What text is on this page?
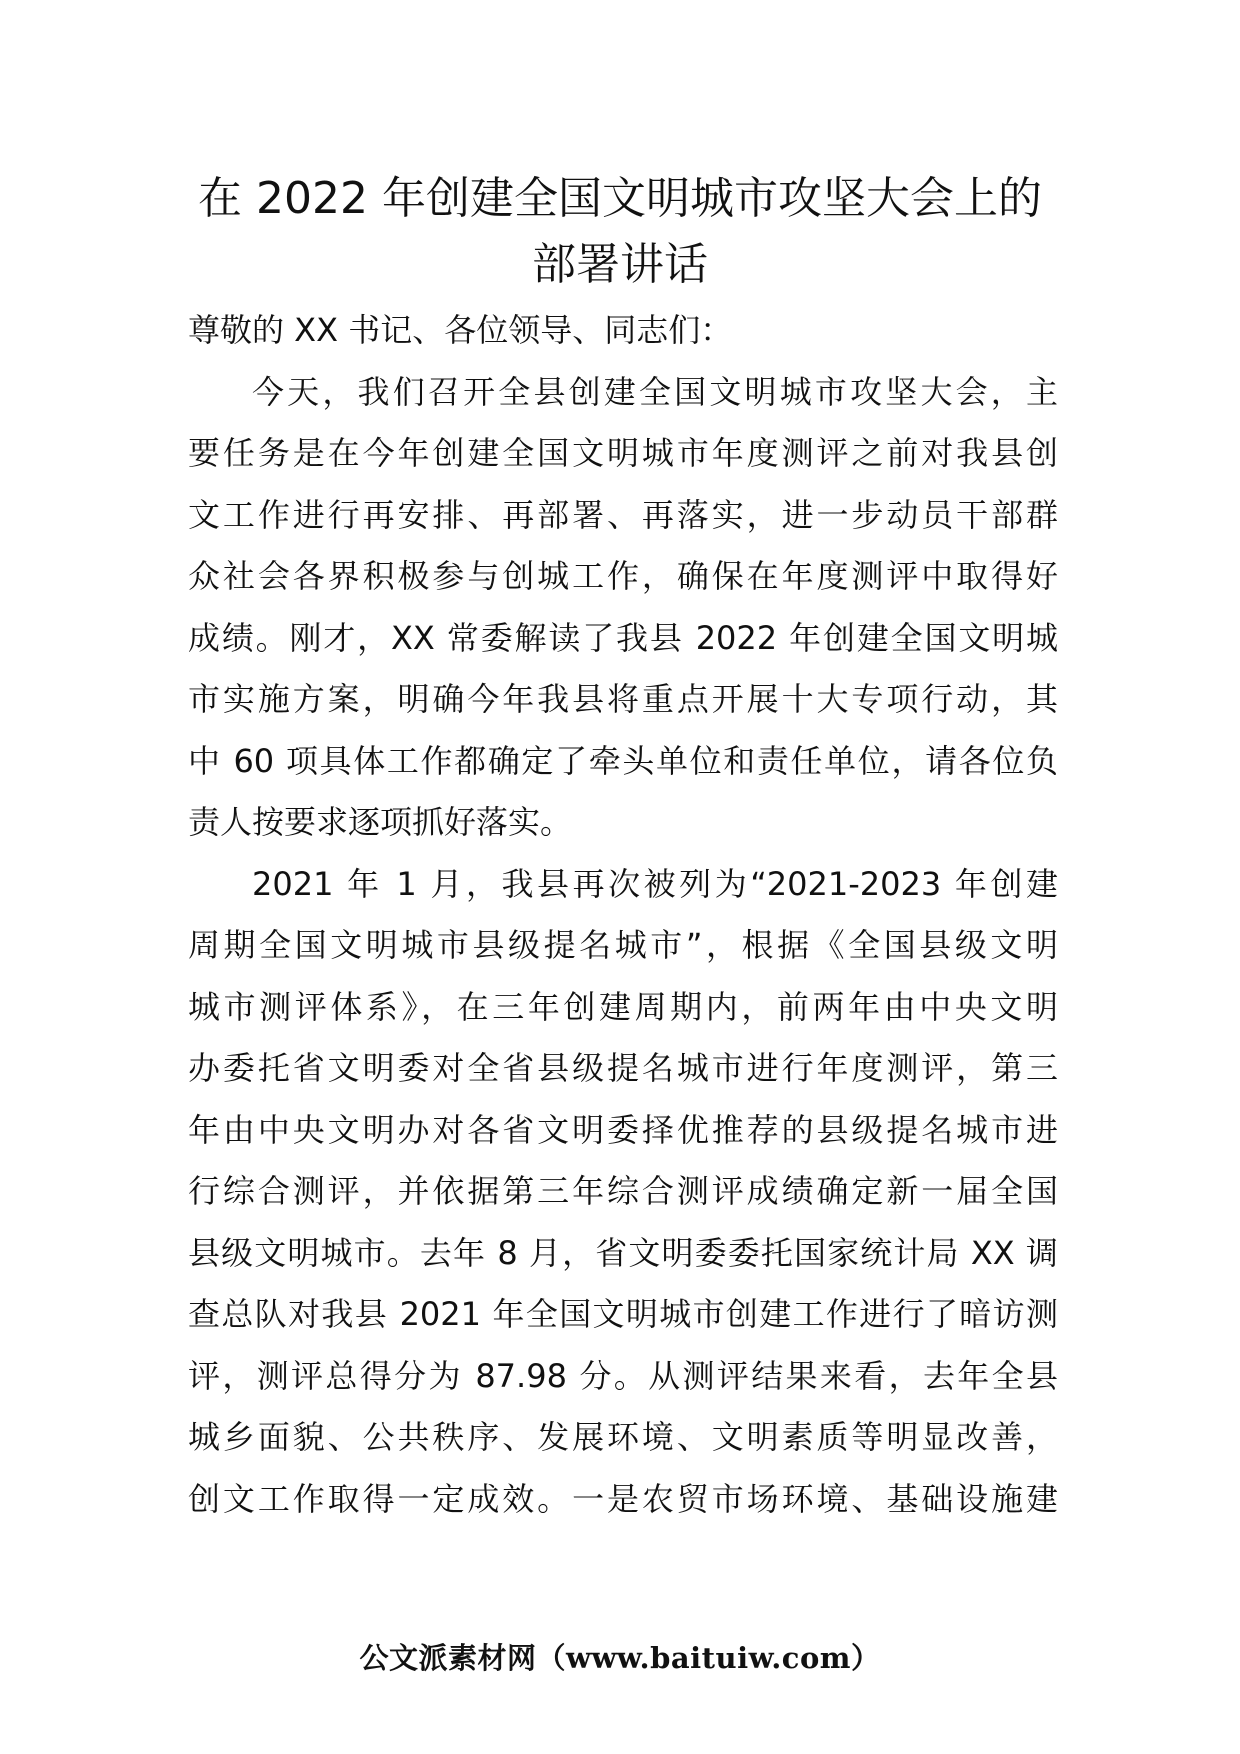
在 2022 年创建全国文明城市攻坚大会上的
部署讲话

尊敬的 XX 书记、各位领导、同志们：

今天，我们召开全县创建全国文明城市攻坚大会，主
要任务是在今年创建全国文明城市年度测评之前对我县创
文工作进行再安排、再部署、再落实，进一步动员干部群
众社会各界积极参与创城工作，确保在年度测评中取得好
成绩。刚才，XX 常委解读了我县 2022 年创建全国文明城
市实施方案，明确今年我县将重点开展十大专项行动，其
中 60 项具体工作都确定了牵头单位和责任单位，请各位负
责人按要求逐项抓好落实。
2021 年 1 月，我县再次被列为“2021-2023 年创建
周期全国文明城市县级提名城市”，根据《全国县级文明
城市测评体系》，在三年创建周期内，前两年由中央文明
办委托省文明委对全省县级提名城市进行年度测评，第三
年由中央文明办对各省文明委择优推荐的县级提名城市进
行综合测评，并依据第三年综合测评成绩确定新一届全国
县级文明城市。去年 8 月，省文明委委托国家统计局 XX 调
查总队对我县 2021 年全国文明城市创建工作进行了暗访测
评，测评总得分为 87.98 分。从测评结果来看，去年全县
城乡面貌、公共秩序、发展环境、文明素质等明显改善，
创文工作取得一定成效。一是农贸市场环境、基础设施建
公文派素材网（www.baituiw.com）
